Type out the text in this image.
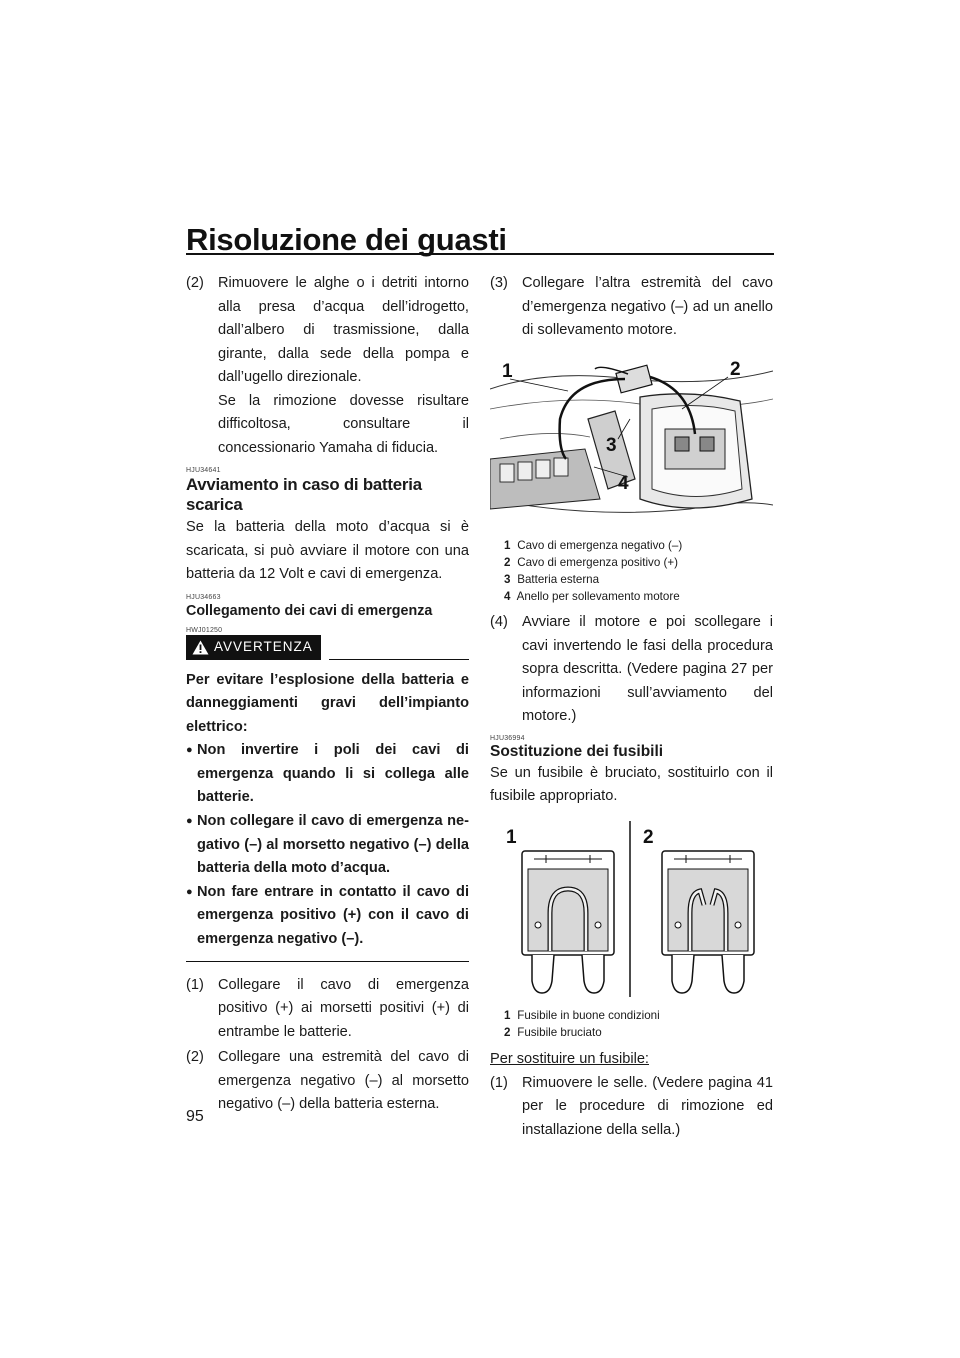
Risoluzione dei guasti
(2) Rimuovere le alghe o i detriti intorno alla presa d’acqua dell’idrogetto, dall’albero di trasmissione, dalla girante, dalla sede della pompa e dall’ugello direzionale.
Se la rimozione dovesse risultare difficoltosa, consultare il concessionario Yamaha di fiducia.
HJU34641
Avviamento in caso di batteria scarica
Se la batteria della moto d’acqua si è scaricata, si può avviare il motore con una batteria da 12 Volt e cavi di emergenza.
HJU34663
Collegamento dei cavi di emergenza
HWJ01250
AVVERTENZA
Per evitare l’esplosione della batteria e danneggiamenti gravi dell’impianto elettrico:
● Non invertire i poli dei cavi di emergenza quando li si collega alle batterie.
● Non collegare il cavo di emergenza negativo (–) al morsetto negativo (–) della batteria della moto d’acqua.
● Non fare entrare in contatto il cavo di emergenza positivo (+) con il cavo di emergenza negativo (–).
(1) Collegare il cavo di emergenza positivo (+) ai morsetti positivi (+) di entrambe le batterie.
(2) Collegare una estremità del cavo di emergenza negativo (–) al morsetto negativo (–) della batteria esterna.
(3) Collegare l’altra estremità del cavo d’emergenza negativo (–) ad un anello di sollevamento motore.
1	2
3
4
1 Cavo di emergenza negativo (–)
2 Cavo di emergenza positivo (+)
3 Batteria esterna
4 Anello per sollevamento motore
(4) Avviare il motore e poi scollegare i cavi invertendo le fasi della procedura sopra descritta. (Vedere pagina 27 per informazioni sull’avviamento del motore.)
HJU36994
Sostituzione dei fusibili
Se un fusibile è bruciato, sostituirlo con il fusibile appropriato.
1	2
1 Fusibile in buone condizioni
2 Fusibile bruciato
Per sostituire un fusibile:
(1) Rimuovere le selle. (Vedere pagina 41 per le procedure di rimozione ed installazione della sella.)
95
